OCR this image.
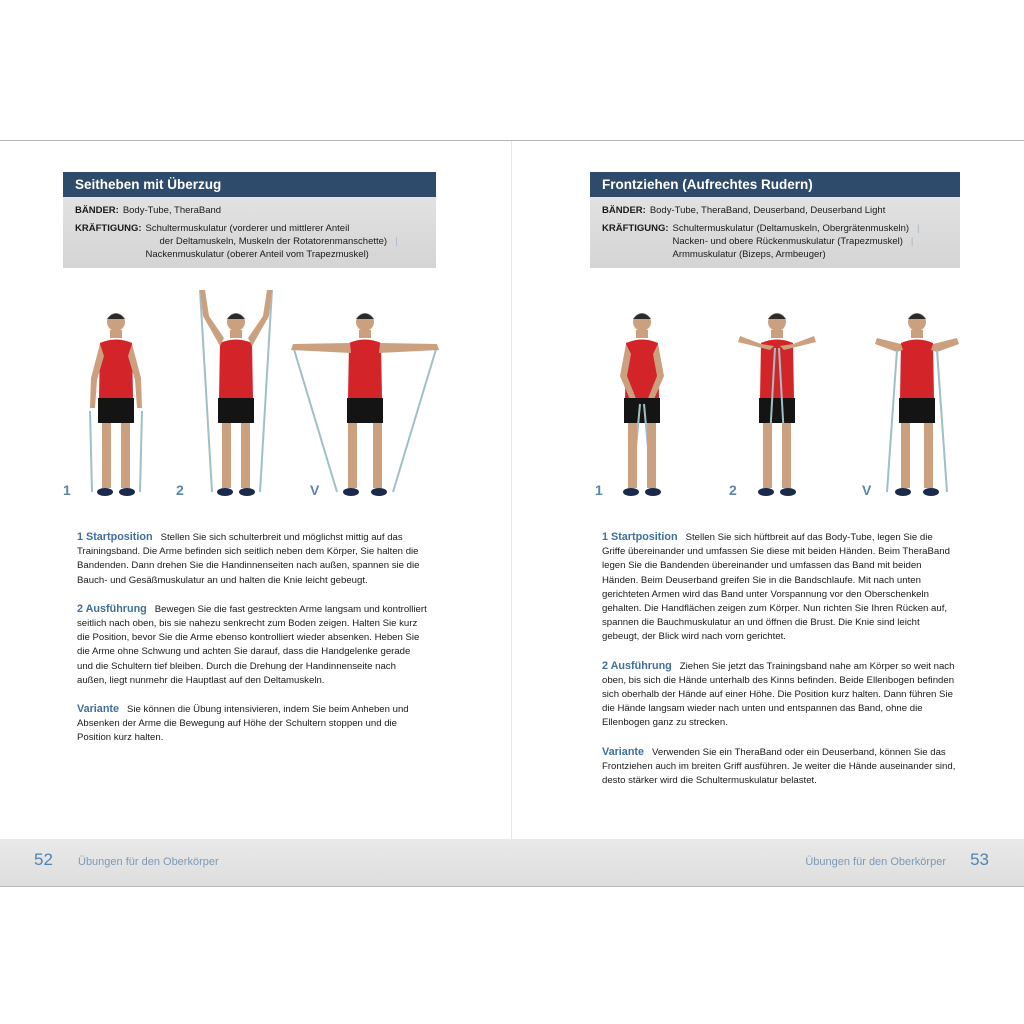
Seitheben mit Überzug
BÄNDER: Body-Tube, TheraBand
KRÄFTIGUNG: Schultermuskulatur (vorderer und mittlerer Anteil
der Deltamuskeln, Muskeln der Rotatorenmanschette) |
Nackenmuskulatur (oberer Anteil vom Trapezmuskel)
1	2	V

1 Startposition Stellen Sie sich schulterbreit und möglichst mittig auf das Trainingsband. Die Arme befinden sich seitlich neben dem Körper, Sie halten die Bandenden. Dann drehen Sie die Handinnenseiten nach außen, spannen sie die Bauch- und Gesäßmuskulatur an und halten die Knie leicht gebeugt.

2 Ausführung Bewegen Sie die fast gestreckten Arme langsam und kontrolliert seitlich nach oben, bis sie nahezu senkrecht zum Boden zeigen. Halten Sie kurz die Position, bevor Sie die Arme ebenso kontrolliert wieder absenken. Heben Sie die Arme ohne Schwung und achten Sie darauf, dass die Handgelenke gerade und die Schultern tief bleiben. Durch die Drehung der Handinnenseite nach außen, liegt nunmehr die Hauptlast auf den Deltamuskeln.

Variante Sie können die Übung intensivieren, indem Sie beim Anheben und Absenken der Arme die Bewegung auf Höhe der Schultern stoppen und die Position kurz halten.

Frontziehen (Aufrechtes Rudern)
BÄNDER: Body-Tube, TheraBand, Deuserband, Deuserband Light
KRÄFTIGUNG: Schultermuskulatur (Deltamuskeln, Obergrätenmuskeln) |
Nacken- und obere Rückenmuskulatur (Trapezmuskel) |
Armmuskulatur (Bizeps, Armbeuger)
1	2	V

1 Startposition Stellen Sie sich hüftbreit auf das Body-Tube, legen Sie die Griffe übereinander und umfassen Sie diese mit beiden Händen. Beim TheraBand legen Sie die Bandenden übereinander und umfassen das Band mit beiden Händen. Beim Deuserband greifen Sie in die Bandschlaufe. Mit nach unten gerichteten Armen wird das Band unter Vorspannung vor den Oberschenkeln gehalten. Die Handflächen zeigen zum Körper. Nun richten Sie Ihren Rücken auf, spannen die Bauchmuskulatur an und öffnen die Brust. Die Knie sind leicht gebeugt, der Blick wird nach vorn gerichtet.

2 Ausführung Ziehen Sie jetzt das Trainingsband nahe am Körper so weit nach oben, bis sich die Hände unterhalb des Kinns befinden. Beide Ellenbogen befinden sich oberhalb der Hände auf einer Höhe. Die Position kurz halten. Dann führen Sie die Hände langsam wieder nach unten und entspannen das Band, ohne die Ellenbogen ganz zu strecken.

Variante Verwenden Sie ein TheraBand oder ein Deuserband, können Sie das Frontziehen auch im breiten Griff ausführen. Je weiter die Hände auseinander sind, desto stärker wird die Schultermuskulatur belastet.

52 Übungen für den Oberkörper	Übungen für den Oberkörper 53
